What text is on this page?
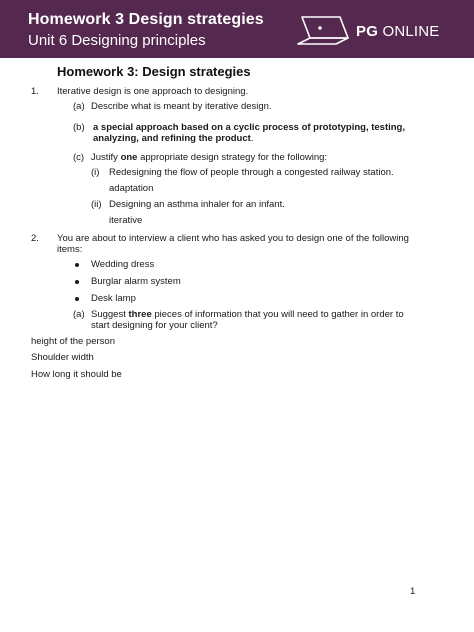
Homework 3 Design strategies
Unit 6 Designing principles
PG ONLINE
Homework 3: Design strategies
1. Iterative design is one approach to designing.
(a) Describe what is meant by iterative design.
(b) a special approach based on a cyclic process of prototyping, testing,
analyzing, and refining the product.
(c) Justify one appropriate design strategy for the following:
(i) Redesigning the flow of people through a congested railway station.
adaptation
(ii) Designing an asthma inhaler for an infant.
iterative
2. You are about to interview a client who has asked you to design one of the following
items:
Wedding dress
Burglar alarm system
Desk lamp
(a) Suggest three pieces of information that you will need to gather in order to
start designing for your client?
height of the person
Shoulder width
How long it should be
1
